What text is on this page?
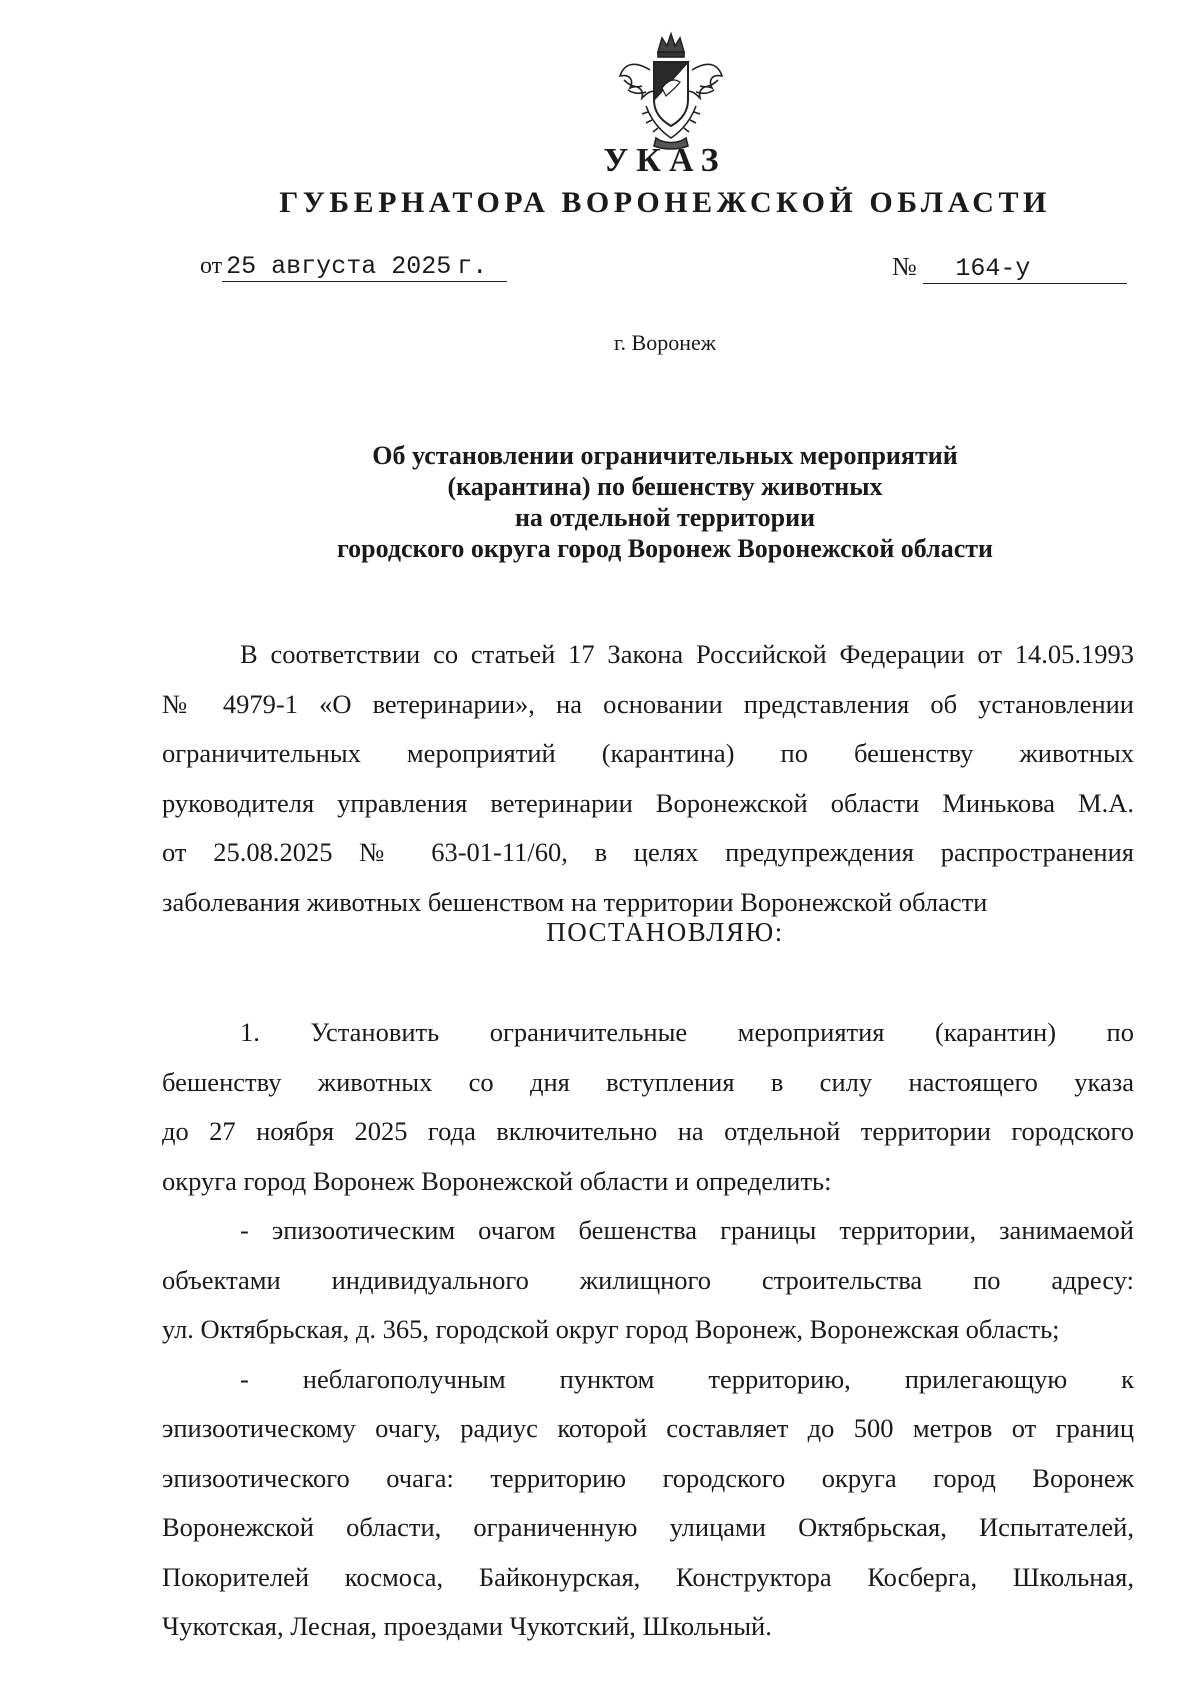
УКАЗ
ГУБЕРНАТОРА ВОРОНЕЖСКОЙ ОБЛАСТИ
от 25 августа 2025 г.	№ 164-у
г. Воронеж
Об установлении ограничительных мероприятий
(карантина) по бешенству животных
на отдельной территории
городского округа город Воронеж Воронежской области
В соответствии со статьей 17 Закона Российской Федерации от 14.05.1993
№ 4979-1 «О ветеринарии», на основании представления об установлении
ограничительных мероприятий (карантина) по бешенству животных
руководителя управления ветеринарии Воронежской области Минькова М.А.
от 25.08.2025 № 63-01-11/60, в целях предупреждения распространения
заболевания животных бешенством на территории Воронежской области
ПОСТАНОВЛЯЮ:
1. Установить ограничительные мероприятия (карантин) по
бешенству животных со дня вступления в силу настоящего указа
до 27 ноября 2025 года включительно на отдельной территории городского
округа город Воронеж Воронежской области и определить:
- эпизоотическим очагом бешенства границы территории, занимаемой
объектами индивидуального жилищного строительства по адресу:
ул. Октябрьская, д. 365, городской округ город Воронеж, Воронежская область;
- неблагополучным пунктом территорию, прилегающую к
эпизоотическому очагу, радиус которой составляет до 500 метров от границ
эпизоотического очага: территорию городского округа город Воронеж
Воронежской области, ограниченную улицами Октябрьская, Испытателей,
Покорителей космоса, Байконурская, Конструктора Косберга, Школьная,
Чукотская, Лесная, проездами Чукотский, Школьный.
